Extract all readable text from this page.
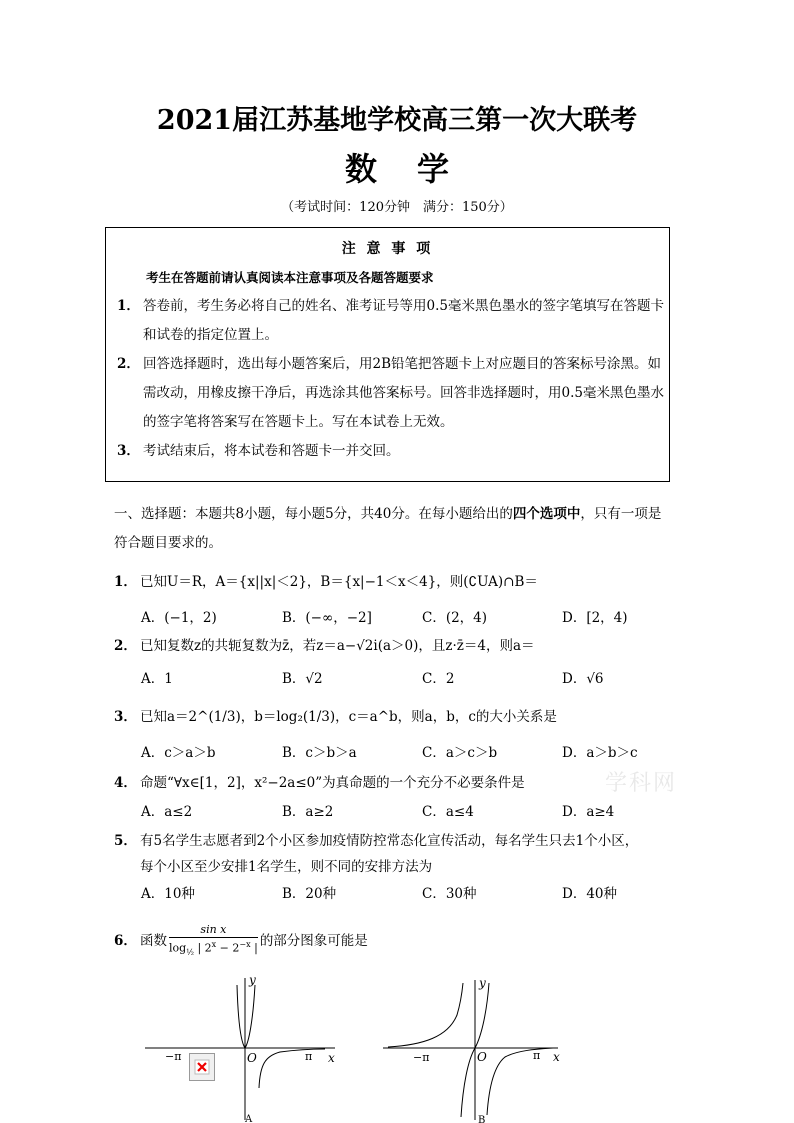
2021届江苏基地学校高三第一次大联考
数学
（考试时间：120分钟　满分：150分）
注 意 事 项
考生在答题前请认真阅读本注意事项及各题答题要求
1． 答卷前，考生务必将自己的姓名、准考证号等用0.5毫米黑色墨水的签字笔填写在答题卡和试卷的指定位置上。
2． 回答选择题时，选出每小题答案后，用2B铅笔把答题卡上对应题目的答案标号涂黑。如需改动，用橡皮擦干净后，再选涂其他答案标号。回答非选择题时，用0.5毫米黑色墨水的签字笔将答案写在答题卡上。写在本试卷上无效。
3． 考试结束后，将本试卷和答题卡一并交回。
一、选择题：本题共8小题，每小题5分，共40分。在每小题给出的四个选项中，只有一项是符合题目要求的。
1． 已知U＝R，A＝{x||x|＜2}，B＝{x|−1＜x＜4}，则(∁UA)∩B＝
A．(−1，2)	B．(−∞，−2]	C．(2，4)	D．[2，4)
2． 已知复数z的共轭复数为z̄，若z＝a−√2i(a＞0)，且z·z̄＝4，则a＝
A．1	B．√2	C．2	D．√6
3． 已知a＝2^(1/3)，b＝log₂(1/3)，c＝a^b，则a，b，c的大小关系是
A．c＞a＞b	B．c＞b＞a	C．a＞c＞b	D．a＞b＞c
4． 命题“∀x∈[1，2]，x²−2a≤0”为真命题的一个充分不必要条件是	学科网
A．a≤2	B．a≥2	C．a≤4	D．a≥4
5． 有5名学生志愿者到2个小区参加疫情防控常态化宣传活动，每名学生只去1个小区，
每个小区至少安排1名学生，则不同的安排方法为
A．10种	B．20种	C．30种	D．40种
6． 函数 $\frac{\text{sin x}}{\log_{\frac{1}{2}} | 2^x - 2^{-x} |}$ 的部分图象可能是
y
x
O
−π	π
A
y
x
O
−π	π
B
